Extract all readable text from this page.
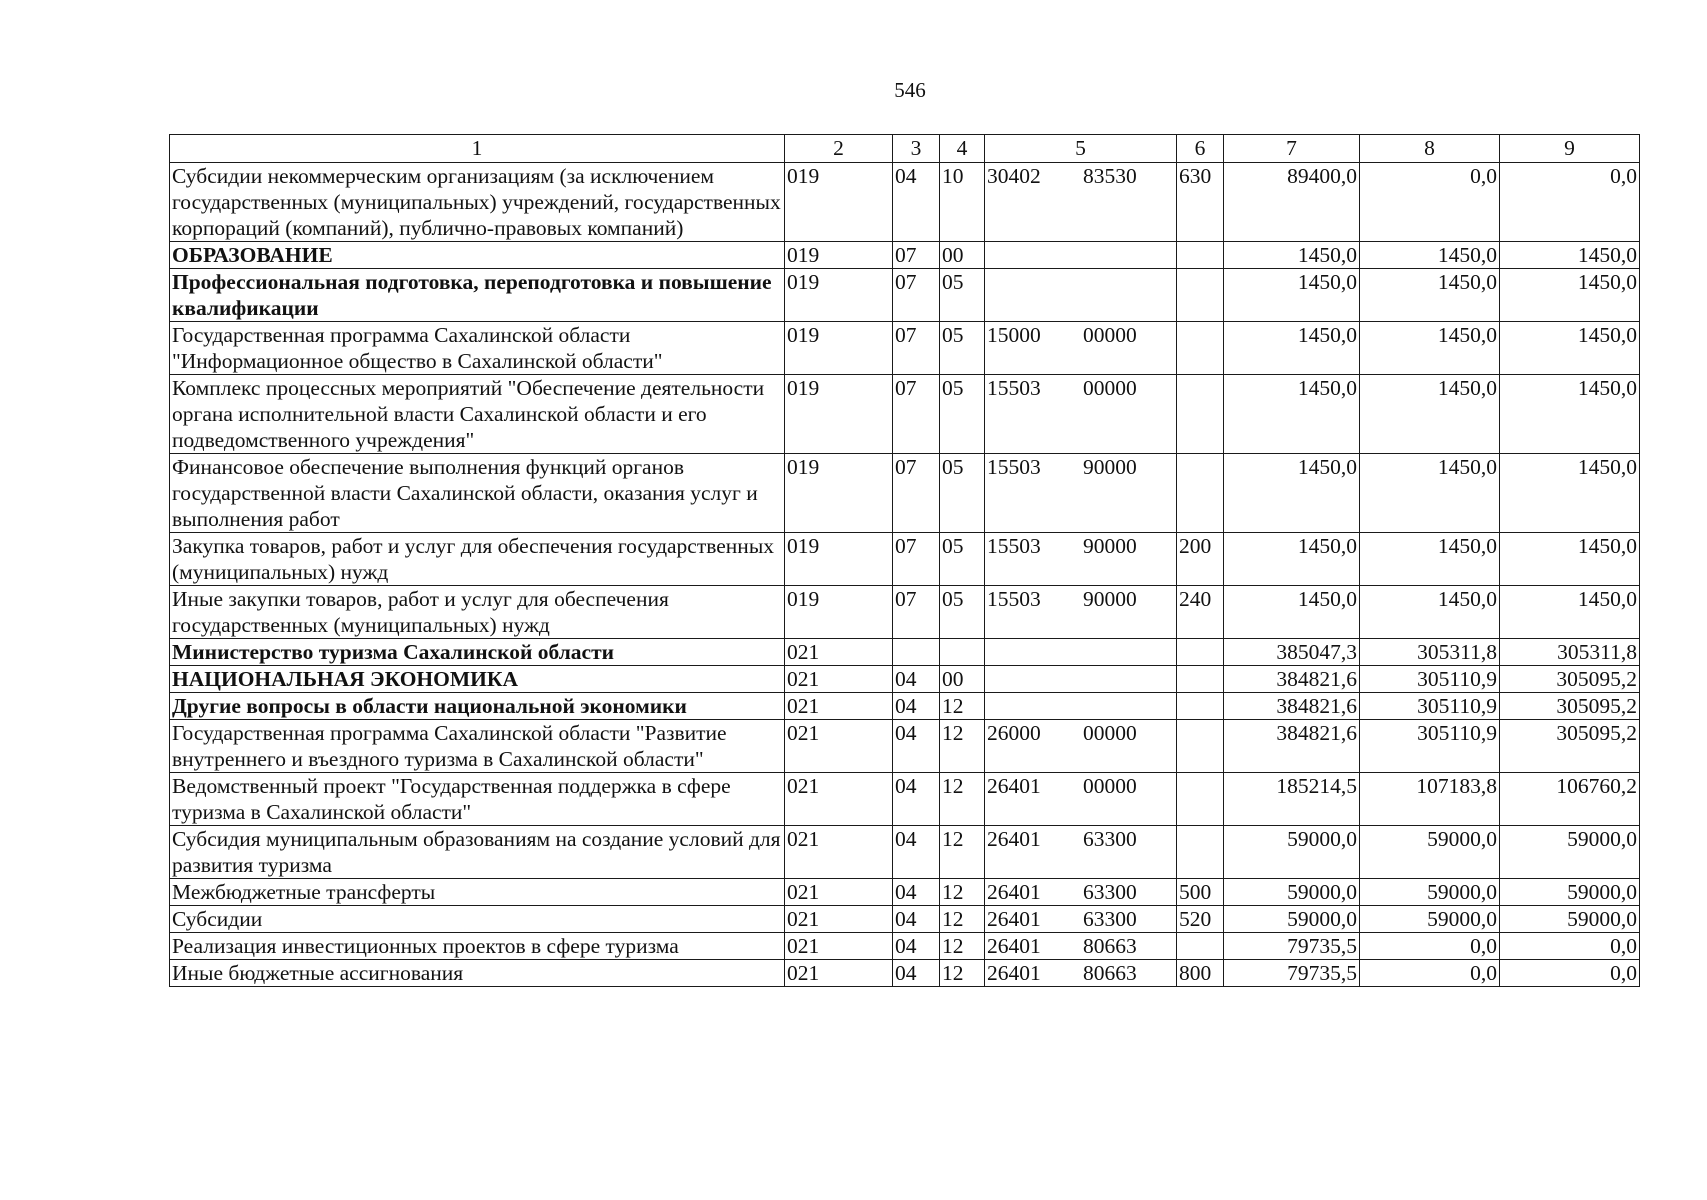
546
1	2	3	4	5	6	7	8	9
Субсидии некоммерческим организациям (за исключением государственных (муниципальных) учреждений, государственных корпораций (компаний), публично-правовых компаний)	019	04	10	30402 83530	630	89400,0	0,0	0,0
ОБРАЗОВАНИЕ	019	07	00			1450,0	1450,0	1450,0
Профессиональная подготовка, переподготовка и повышение квалификации	019	07	05			1450,0	1450,0	1450,0
Государственная программа Сахалинской области "Информационное общество в Сахалинской области"	019	07	05	15000 00000		1450,0	1450,0	1450,0
Комплекс процессных мероприятий "Обеспечение деятельности органа исполнительной власти Сахалинской области и его подведомственного учреждения"	019	07	05	15503 00000		1450,0	1450,0	1450,0
Финансовое обеспечение выполнения функций органов государственной власти Сахалинской области, оказания услуг и выполнения работ	019	07	05	15503 90000		1450,0	1450,0	1450,0
Закупка товаров, работ и услуг для обеспечения государственных (муниципальных) нужд	019	07	05	15503 90000	200	1450,0	1450,0	1450,0
Иные закупки товаров, работ и услуг для обеспечения государственных (муниципальных) нужд	019	07	05	15503 90000	240	1450,0	1450,0	1450,0
Министерство туризма Сахалинской области	021					385047,3	305311,8	305311,8
НАЦИОНАЛЬНАЯ ЭКОНОМИКА	021	04	00			384821,6	305110,9	305095,2
Другие вопросы в области национальной экономики	021	04	12			384821,6	305110,9	305095,2
Государственная программа Сахалинской области "Развитие внутреннего и въездного туризма в Сахалинской области"	021	04	12	26000 00000		384821,6	305110,9	305095,2
Ведомственный проект "Государственная поддержка в сфере туризма в Сахалинской области"	021	04	12	26401 00000		185214,5	107183,8	106760,2
Субсидия муниципальным образованиям на создание условий для развития туризма	021	04	12	26401 63300		59000,0	59000,0	59000,0
Межбюджетные трансферты	021	04	12	26401 63300	500	59000,0	59000,0	59000,0
Субсидии	021	04	12	26401 63300	520	59000,0	59000,0	59000,0
Реализация инвестиционных проектов в сфере туризма	021	04	12	26401 80663		79735,5	0,0	0,0
Иные бюджетные ассигнования	021	04	12	26401 80663	800	79735,5	0,0	0,0
